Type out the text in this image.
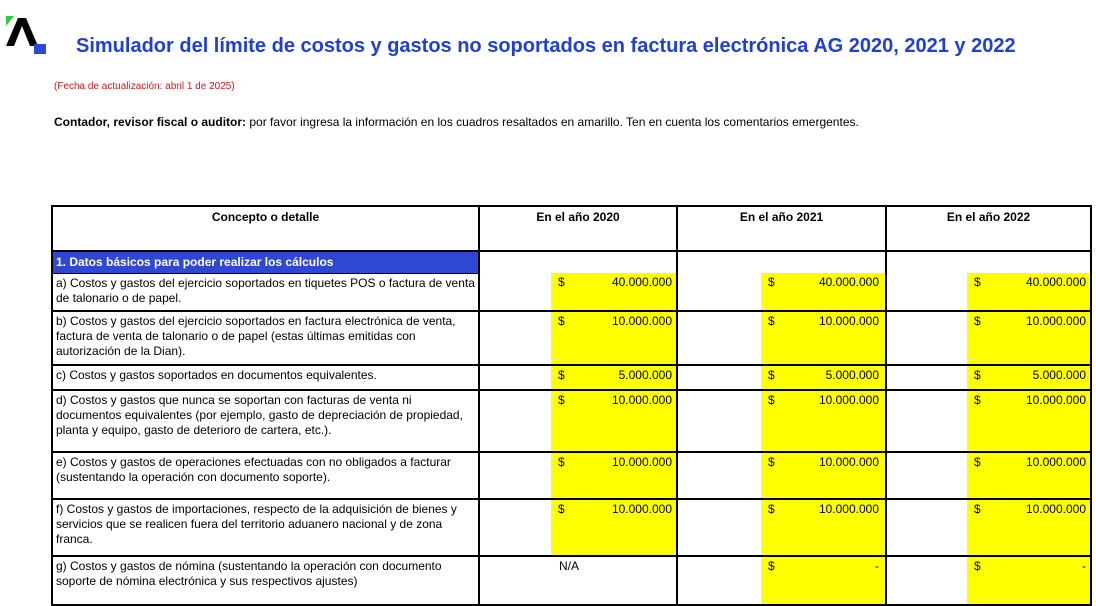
Simulador del límite de costos y gastos no soportados en factura electrónica AG 2020, 2021 y 2022
(Fecha de actualización: abril 1 de 2025)
Contador, revisor fiscal o auditor: por favor ingresa la información en los cuadros resaltados en amarillo. Ten en cuenta los comentarios emergentes.
Concepto o detalle	En el año 2020	En el año 2021	En el año 2022
1. Datos básicos para poder realizar los cálculos			
a) Costos y gastos del ejercicio soportados en tiquetes POS o factura de venta de talonario o de papel.	$ 40.000.000	$ 40.000.000	$ 40.000.000

b) Costos y gastos del ejercicio soportados en factura electrónica de venta, factura de venta de talonario o de papel (estas últimas emitidas con autorización de la Dian).	$ 10.000.000	$ 10.000.000	$ 10.000.000

c) Costos y gastos soportados en documentos equivalentes.	$ 5.000.000	$ 5.000.000	$ 5.000.000

d) Costos y gastos que nunca se soportan con facturas de venta ni documentos equivalentes (por ejemplo, gasto de depreciación de propiedad, planta y equipo, gasto de deterioro de cartera, etc.).	$ 10.000.000	$ 10.000.000	$ 10.000.000

e) Costos y gastos de operaciones efectuadas con no obligados a facturar (sustentando la operación con documento soporte).	$ 10.000.000	$ 10.000.000	$ 10.000.000

f) Costos y gastos de importaciones, respecto de la adquisición de bienes y servicios que se realicen fuera del territorio aduanero nacional y de zona franca.	$ 10.000.000	$ 10.000.000	$ 10.000.000

g) Costos y gastos de nómina (sustentando la operación con documento soporte de nómina electrónica y sus respectivos ajustes)	N/A	$ -	$ -
